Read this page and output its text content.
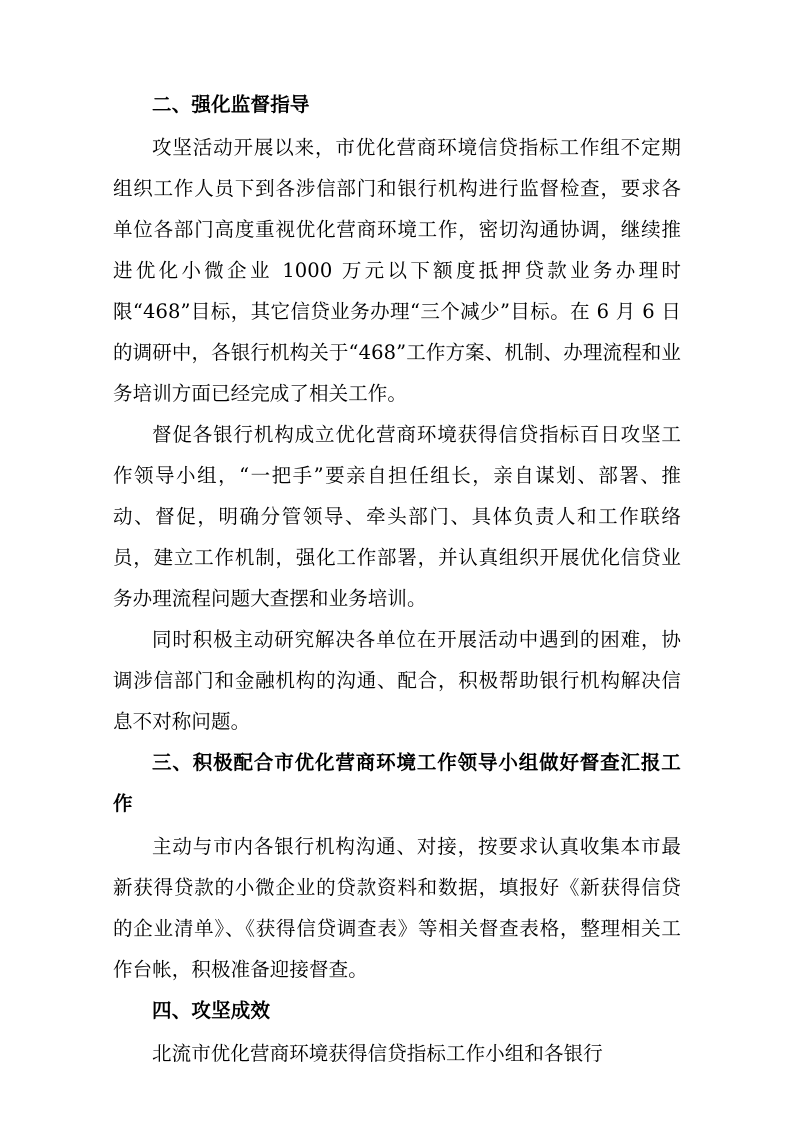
二、强化监督指导

攻坚活动开展以来，市优化营商环境信贷指标工作组不定期组织工作人员下到各涉信部门和银行机构进行监督检查，要求各单位各部门高度重视优化营商环境工作，密切沟通协调，继续推进优化小微企业 1000 万元以下额度抵押贷款业务办理时限“468”目标，其它信贷业务办理“三个减少”目标。在 6 月 6 日的调研中，各银行机构关于“468”工作方案、机制、办理流程和业务培训方面已经完成了相关工作。

督促各银行机构成立优化营商环境获得信贷指标百日攻坚工作领导小组，“一把手”要亲自担任组长，亲自谋划、部署、推动、督促，明确分管领导、牵头部门、具体负责人和工作联络员，建立工作机制，强化工作部署，并认真组织开展优化信贷业务办理流程问题大查摆和业务培训。

同时积极主动研究解决各单位在开展活动中遇到的困难，协调涉信部门和金融机构的沟通、配合，积极帮助银行机构解决信息不对称问题。

三、积极配合市优化营商环境工作领导小组做好督查汇报工作

主动与市内各银行机构沟通、对接，按要求认真收集本市最新获得贷款的小微企业的贷款资料和数据，填报好《新获得信贷的企业清单》、《获得信贷调查表》等相关督查表格，整理相关工作台帐，积极准备迎接督查。

四、攻坚成效

北流市优化营商环境获得信贷指标工作小组和各银行
